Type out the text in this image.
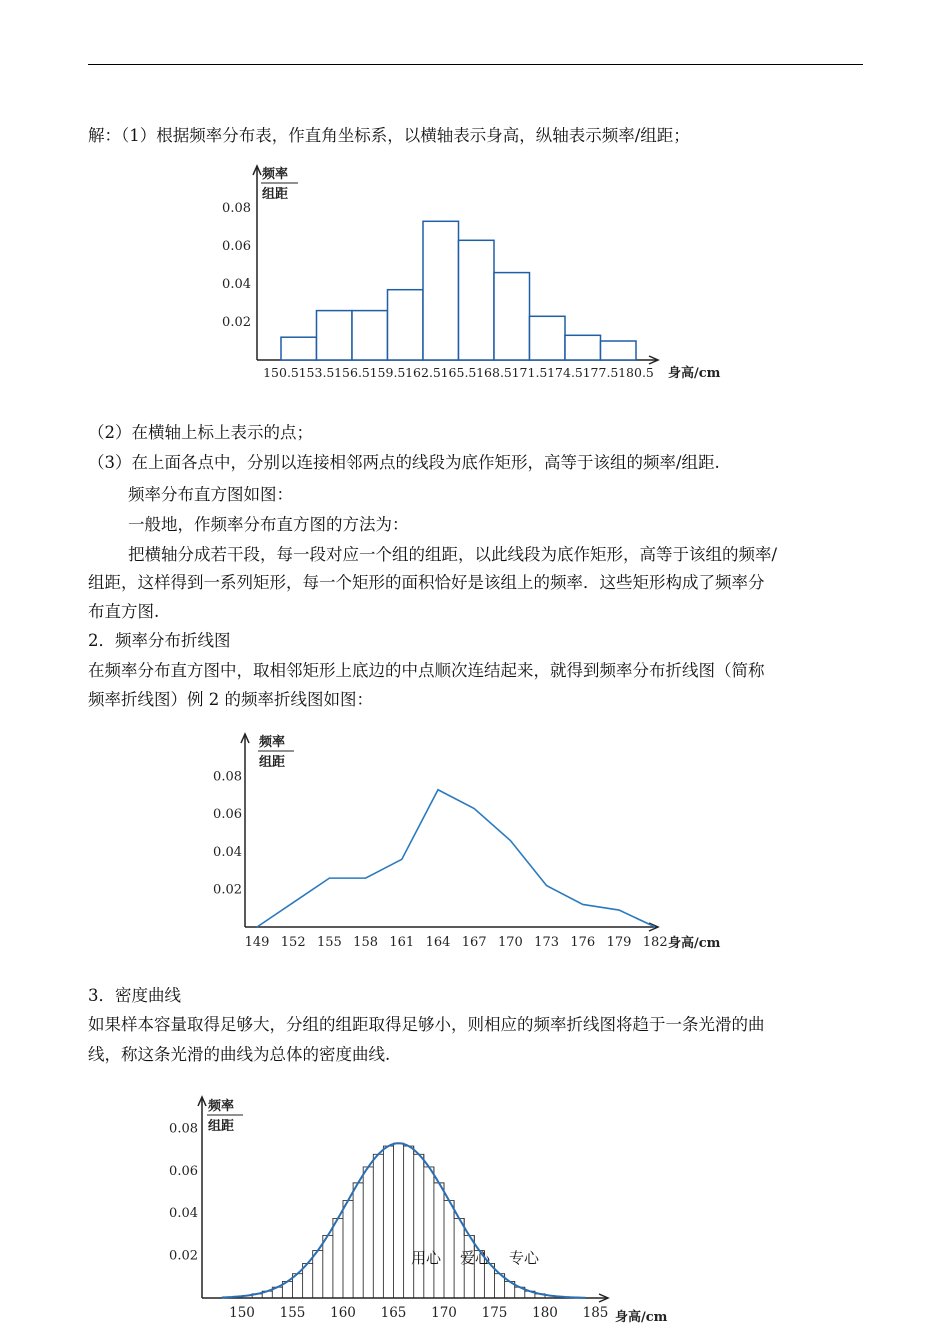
解：（1）根据频率分布表，作直角坐标系，以横轴表示身高，纵轴表示频率/组距；
0.08
0.06
0.04
0.02
150.5 153.5 156.5 159.5 162.5 165.5 168.5 171.5 174.5 177.5 180.5
频率
组距
身高/cm
（2）在横轴上标上表示的点；
（3）在上面各点中，分别以连接相邻两点的线段为底作矩形，高等于该组的频率/组距.
频率分布直方图如图：
一般地，作频率分布直方图的方法为：
把横轴分成若干段，每一段对应一个组的组距，以此线段为底作矩形，高等于该组的频率/
组距，这样得到一系列矩形，每一个矩形的面积恰好是该组上的频率．这些矩形构成了频率分
布直方图.
2．频率分布折线图
在频率分布直方图中，取相邻矩形上底边的中点顺次连结起来，就得到频率分布折线图（简称
频率折线图）例 2 的频率折线图如图：
0.08
0.06
0.04
0.02
149 152 155 158 161 164 167 170 173 176 179 182
频率
组距
身高/cm
3．密度曲线
如果样本容量取得足够大，分组的组距取得足够小，则相应的频率折线图将趋于一条光滑的曲
线，称这条光滑的曲线为总体的密度曲线.
0.08
0.06
0.04
0.02
150 155 160 165 170 175 180 185
频率
组距
身高/cm
用心 爱心 专心
